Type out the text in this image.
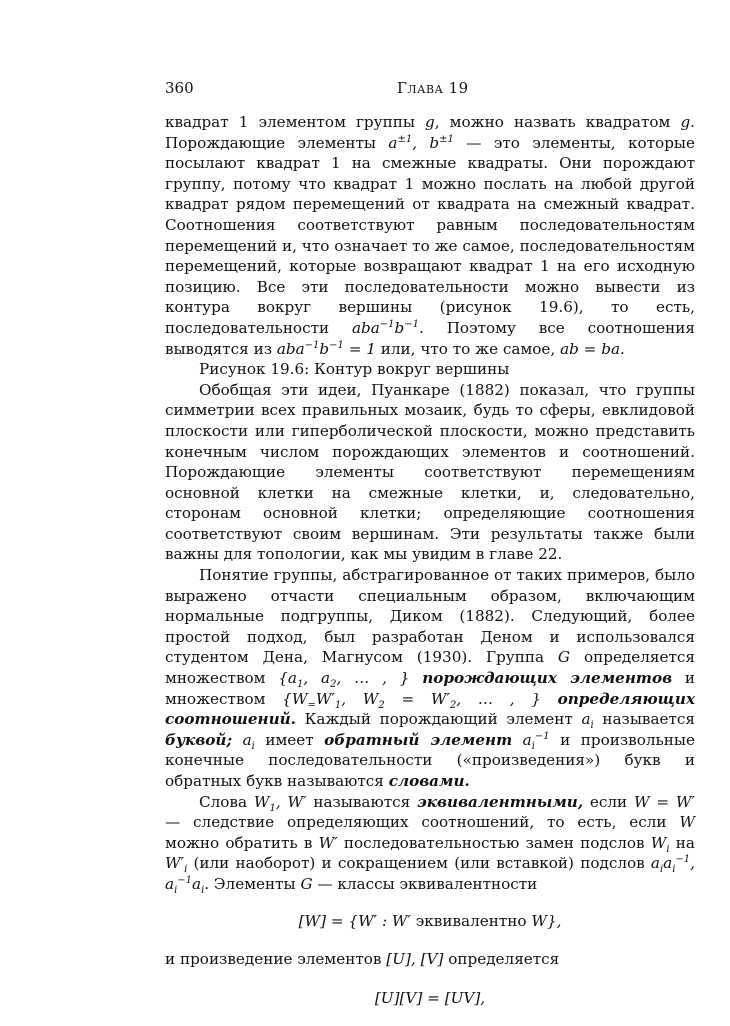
360	Глава 19

квадрат 1 элементом группы g, можно назвать квадратом g. Порождающие элементы $a^{\pm 1}$, $b^{\pm 1}$ — это элементы, которые посылают квадрат 1 на смежные квадраты. Они порождают группу, потому что квадрат 1 можно послать на любой другой квадрат рядом перемещений от квадрата на смежный квадрат. Соотношения соответствуют равным последовательностям перемещений и, что означает то же самое, последовательностям перемещений, которые возвращают квадрат 1 на его исходную позицию. Все эти последовательности можно вывести из контура вокруг вершины (рисунок 19.6), то есть, последовательности $aba^{-1}b^{-1}$. Поэтому все соотношения выводятся из $aba^{-1}b^{-1} = 1$ или, что то же самое, ab = ba.

Рисунок 19.6: Контур вокруг вершины

Обобщая эти идеи, Пуанкаре (1882) показал, что группы симметрии всех правильных мозаик, будь то сферы, евклидовой плоскости или гиперболической плоскости, можно представить конечным числом порождающих элементов и соотношений. Порождающие элементы соответствуют перемещениям основной клетки на смежные клетки, и, следовательно, сторонам основной клетки; определяющие соотношения соответствуют своим вершинам. Эти результаты также были важны для топологии, как мы увидим в главе 22.

Понятие группы, абстрагированное от таких примеров, было выражено отчасти специальным образом, включающим нормальные подгруппы, Диком (1882). Следующий, более простой подход, был разработан Деном и использовался студентом Дена, Магнусом (1930). Группа G определяется множеством {$a_1$, $a_2$, … , } порождающих элементов и множеством {$W_=W'_1$, $W_2 = W'_2$, … , } определяющих соотношений. Каждый порождающий элемент $a_i$ называется буквой; $a_i$ имеет обратный элемент $a_i^{-1}$ и произвольные конечные последовательности («произведения») букв и обратных букв называются словами.

Слова $W_1$, W′ называются эквивалентными, если W = W′ — следствие определяющих соотношений, то есть, если W можно обратить в W′ последовательностью замен подслов $W_i$ на $W'_i$ (или наоборот) и сокращением (или вставкой) подслов $a_ia_i^{-1}$, $a_i^{-1}a_i$. Элементы G — классы эквивалентности

[W] = {W′ : W′ эквивалентно W},

и произведение элементов [U], [V] определяется

[U][V] = [UV],
